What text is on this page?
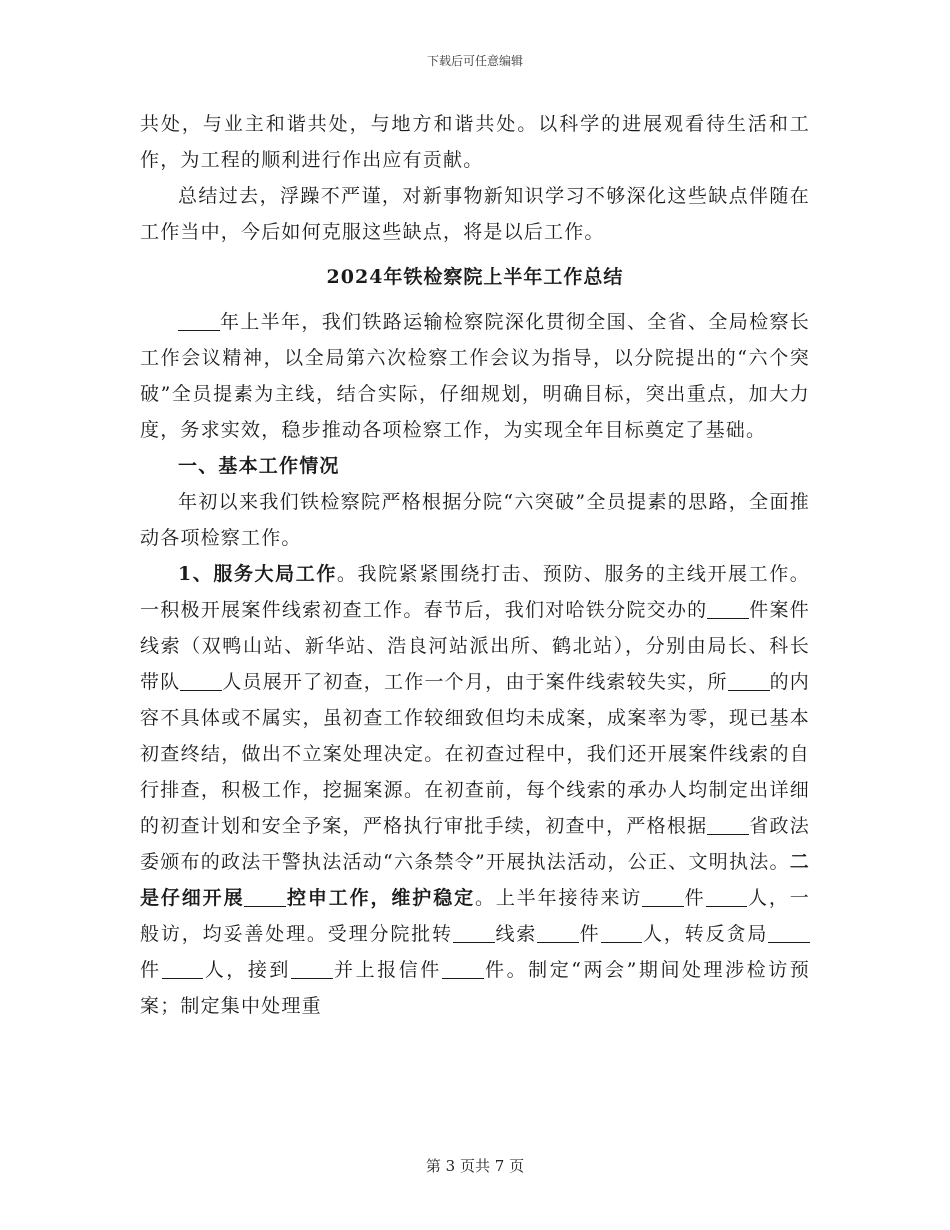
下载后可任意编辑

共处，与业主和谐共处，与地方和谐共处。以科学的进展观看待生活和工作，为工程的顺利进行作出应有贡献。

总结过去，浮躁不严谨，对新事物新知识学习不够深化这些缺点伴随在工作当中，今后如何克服这些缺点，将是以后工作。

2024年铁检察院上半年工作总结

年上半年，我们铁路运输检察院深化贯彻全国、全省、全局检察长工作会议精神，以全局第六次检察工作会议为指导，以分院提出的“六个突破”全员提素为主线，结合实际，仔细规划，明确目标，突出重点，加大力度，务求实效，稳步推动各项检察工作，为实现全年目标奠定了基础。

一、基本工作情况

年初以来我们铁检察院严格根据分院“六突破”全员提素的思路，全面推动各项检察工作。

1、服务大局工作。我院紧紧围绕打击、预防、服务的主线开展工作。一积极开展案件线索初查工作。春节后，我们对哈铁分院交办的 件案件线索（双鸭山站、新华站、浩良河站派出所、鹤北站），分别由局长、科长带队 人员展开了初查，工作一个月，由于案件线索较失实，所 的内容不具体或不属实，虽初查工作较细致但均未成案，成案率为零，现已基本初查终结，做出不立案处理决定。在初查过程中，我们还开展案件线索的自行排查，积极工作，挖掘案源。在初查前，每个线索的承办人均制定出详细的初查计划和安全予案，严格执行审批手续，初查中，严格根据 省政法委颁布的政法干警执法活动“六条禁令”开展执法活动，公正、文明执法。二是仔细开展 控申工作，维护稳定。上半年接待来访 件 人，一般访，均妥善处理。受理分院批转 线索 件 人，转反贪局件 人，接到 并上报信件 件。制定“两会”期间处理涉检访预案；制定集中处理重

第 3 页共 7 页
